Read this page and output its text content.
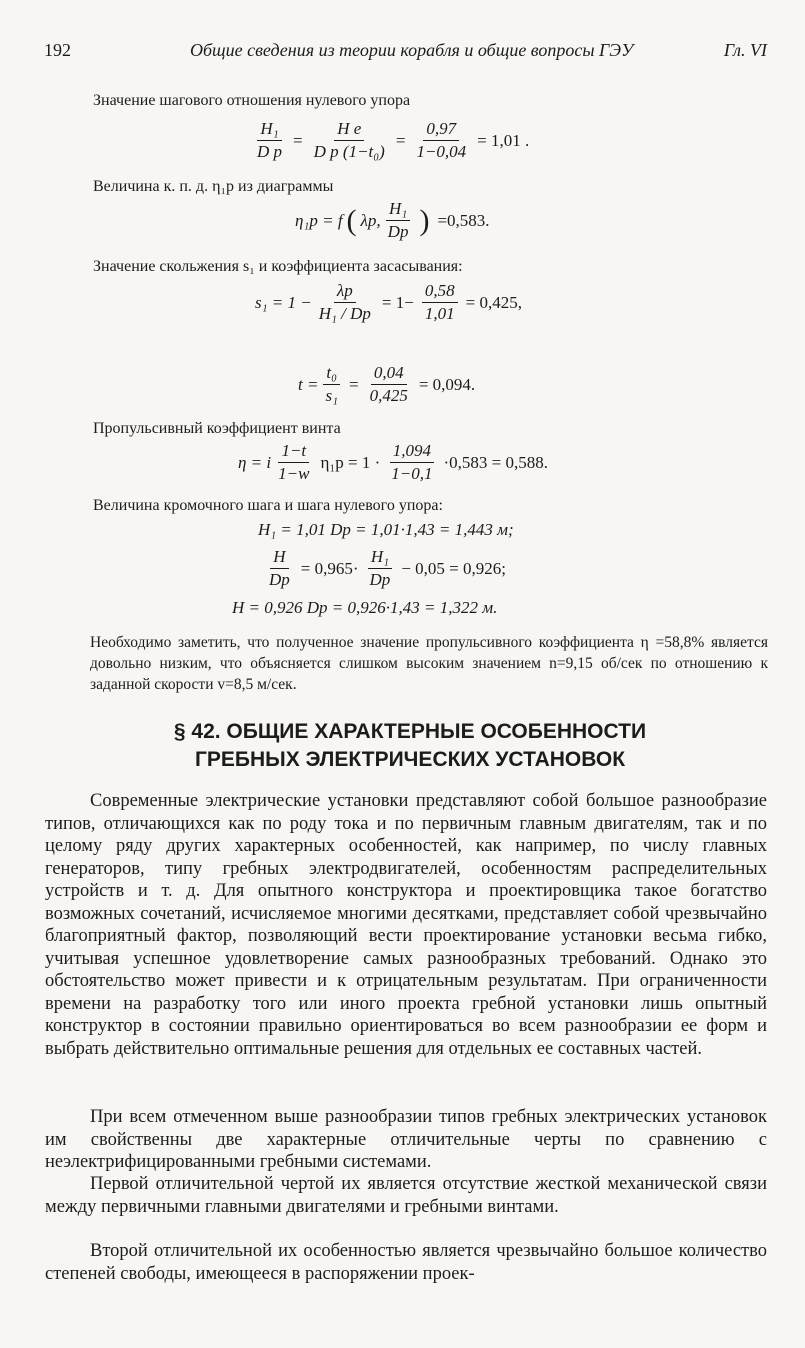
192	Общие сведения из теории корабля и общие вопросы ГЭУ	Гл. VI
Значение шагового отношения нулевого упора
$\frac{\text{H₁}}{\text{D p}} = \frac{\text{H e}}{\text{D p (1−t₀)}} = \frac{0,97}{1-0,04} = 1,01$ .
Величина к. п. д. η₁p из диаграммы
η₁p = f ( λp, $\frac{\text{H₁}}{Dp}$ ) =0,583.
Значение скольжения s₁ и коэффициента засасывания:
$s_1 = 1 - \frac{\lambda p}{\text{H₁ / Dp}} = 1- \frac{0,58}{1,01} = 0,425$,
$t = \frac{\text{t₀}}{\text{s₁}} = \frac{0,04}{0,425} = 0,094$.
Пропульсивный коэффициент винта
η = i $\frac{1-t}{1-w} \eta_1p = 1 \cdot \frac{1,094}{1-0,1} \cdot 0,583 = 0,588$.
Величина кромочного шага и шага нулевого упора:
H₁ = 1,01 Dp = 1,01·1,43 = 1,443 м;
$\frac{H}{Dp} = 0,965\cdot \frac{\text{H₁}}{Dp} - 0,05 = 0,926$;
H = 0,926 Dp = 0,926·1,43 = 1,322 м.
Необходимо заметить, что полученное значение пропульсивного коэффициента η =58,8% является довольно низким, что объясняется слишком высоким значением n=9,15 об/сек по отношению к заданной скорости v=8,5 м/сек.
§ 42. ОБЩИЕ ХАРАКТЕРНЫЕ ОСОБЕННОСТИ
ГРЕБНЫХ ЭЛЕКТРИЧЕСКИХ УСТАНОВОК
Современные электрические установки представляют собой большое разнообразие типов, отличающихся как по роду тока и по первичным главным двигателям, так и по целому ряду других характерных особенностей, как например, по числу главных генераторов, типу гребных электродвигателей, особенностям распределительных устройств и т. д. Для опытного конструктора и проектировщика такое богатство возможных сочетаний, исчисляемое многими десятками, представляет собой чрезвычайно благоприятный фактор, позволяющий вести проектирование установки весьма гибко, учитывая успешное удовлетворение самых разнообразных требований. Однако это обстоятельство может привести и к отрицательным результатам. При ограниченности времени на разработку того или иного проекта гребной установки лишь опытный конструктор в состоянии правильно ориентироваться во всем разнообразии ее форм и выбрать действительно оптимальные решения для отдельных ее составных частей.
При всем отмеченном выше разнообразии типов гребных электрических установок им свойственны две характерные отличительные черты по сравнению с неэлектрифицированными гребными системами.
Первой отличительной чертой их является отсутствие жесткой механической связи между первичными главными двигателями и гребными винтами.
Второй отличительной их особенностью является чрезвычайно большое количество степеней свободы, имеющееся в распоряжении проек-
